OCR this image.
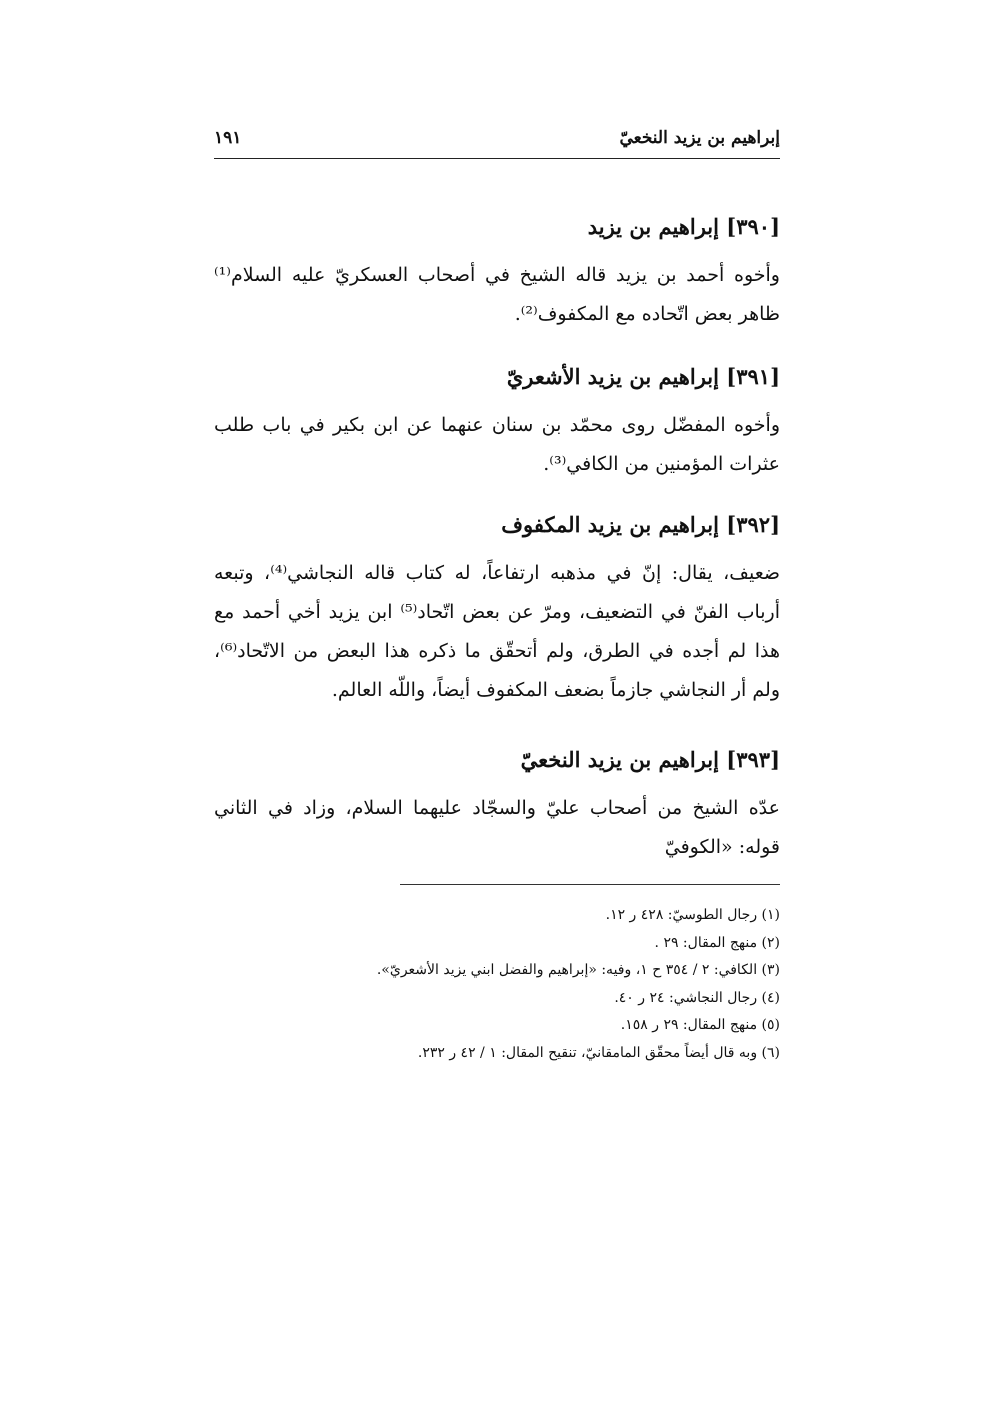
إبراهيم بن يزيد النخعيّ
١٩١
[٣٩٠] إبراهيم بن يزيد
وأخوه أحمد بن يزيد قاله الشيخ في أصحاب العسكريّ عليه السلام⁽¹⁾ ظاهر بعض اتّحاده مع المكفوف⁽²⁾.
[٣٩١] إبراهيم بن يزيد الأشعريّ
وأخوه المفضّل روى محمّد بن سنان عنهما عن ابن بكير في باب طلب عثرات المؤمنين من الكافي⁽³⁾.
[٣٩٢] إبراهيم بن يزيد المكفوف
ضعيف، يقال: إنّ في مذهبه ارتفاعاً، له كتاب قاله النجاشي⁽⁴⁾، وتبعه أرباب الفنّ في التضعيف، ومرّ عن بعض اتّحاد⁽⁵⁾ ابن يزيد أخي أحمد مع هذا لم أجده في الطرق، ولم أتحقّق ما ذكره هذا البعض من الاتّحاد⁽⁶⁾، ولم أر النجاشي جازماً بضعف المكفوف أيضاً، واللّه العالم.
[٣٩٣] إبراهيم بن يزيد النخعيّ
عدّه الشيخ من أصحاب عليّ والسجّاد عليهما السلام، وزاد في الثاني قوله: «الكوفيّ
(١) رجال الطوسيّ: ٤٢٨ ر ١٢.
(٢) منهج المقال: ٢٩ .
(٣) الكافي: ٢ / ٣٥٤ ح ١، وفيه: «إبراهيم والفضل ابني يزيد الأشعريّ».
(٤) رجال النجاشي: ٢٤ ر ٤٠.
(٥) منهج المقال: ٢٩ ر ١٥٨.
(٦) وبه قال أيضاً محقّق المامقانيّ، تنقيح المقال: ١ / ٤٢ ر ٢٣٢.
